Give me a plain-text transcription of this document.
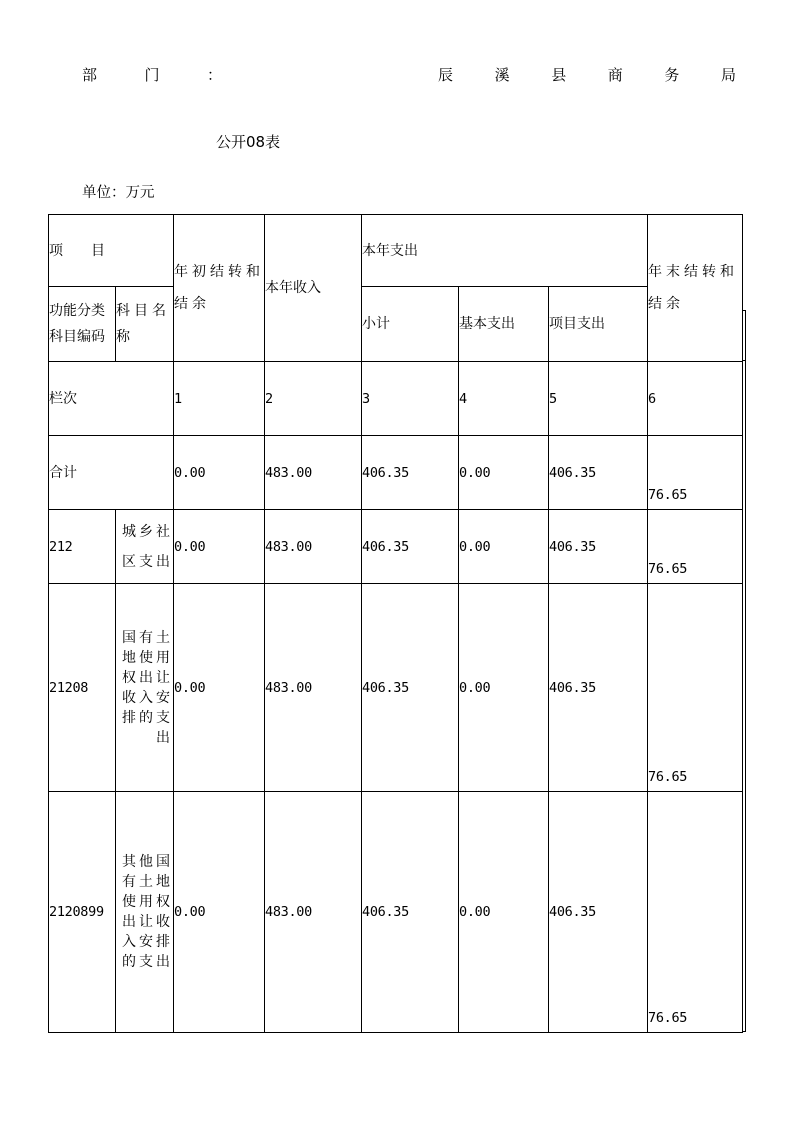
部	门	：	辰	溪	县	商	务	局
公开08表
单位：万元
项　　目		年初结转和结余	本年收入	本年支出			年末结转和结余
功能分类科目编码	科目名称			小计	基本支出	项目支出	
栏次		1	2	3	4	5	6
合计		0.00	483.00	406.35	0.00	406.35	76.65
212	城乡社区支出	0.00	483.00	406.35	0.00	406.35	76.65
21208	国有土地使用权出让收入安排的支出	0.00	483.00	406.35	0.00	406.35	76.65
2120899	其他国有土地使用权出让收入安排的支出	0.00	483.00	406.35	0.00	406.35	76.65
